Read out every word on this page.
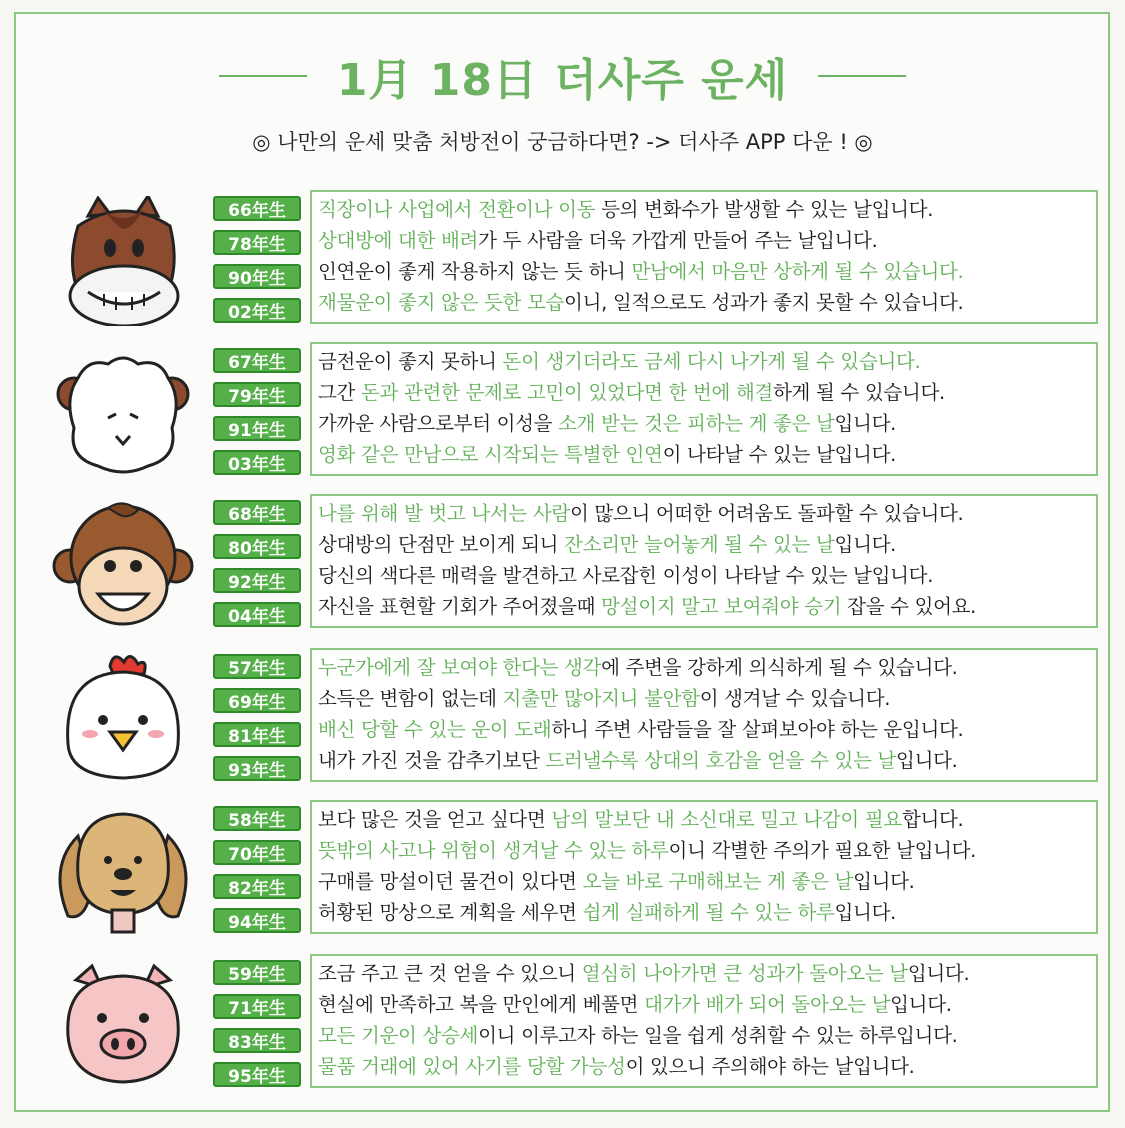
1月 18日 더사주 운세
◎ 나만의 운세 맞춤 처방전이 궁금하다면? -> 더사주 APP 다운 ! ◎
66年生
78年生
90年生
02年生
직장이나 사업에서 전환이나 이동 등의 변화수가 발생할 수 있는 날입니다.
상대방에 대한 배려가 두 사람을 더욱 가깝게 만들어 주는 날입니다.
인연운이 좋게 작용하지 않는 듯 하니 만남에서 마음만 상하게 될 수 있습니다.
재물운이 좋지 않은 듯한 모습이니, 일적으로도 성과가 좋지 못할 수 있습니다.
67年生
79年生
91年生
03年生
금전운이 좋지 못하니 돈이 생기더라도 금세 다시 나가게 될 수 있습니다.
그간 돈과 관련한 문제로 고민이 있었다면 한 번에 해결하게 될 수 있습니다.
가까운 사람으로부터 이성을 소개 받는 것은 피하는 게 좋은 날입니다.
영화 같은 만남으로 시작되는 특별한 인연이 나타날 수 있는 날입니다.
68年生
80年生
92年生
04年生
나를 위해 발 벗고 나서는 사람이 많으니 어떠한 어려움도 돌파할 수 있습니다.
상대방의 단점만 보이게 되니 잔소리만 늘어놓게 될 수 있는 날입니다.
당신의 색다른 매력을 발견하고 사로잡힌 이성이 나타날 수 있는 날입니다.
자신을 표현할 기회가 주어졌을때 망설이지 말고 보여줘야 승기 잡을 수 있어요.
57年生
69年生
81年生
93年生
누군가에게 잘 보여야 한다는 생각에 주변을 강하게 의식하게 될 수 있습니다.
소득은 변함이 없는데 지출만 많아지니 불안함이 생겨날 수 있습니다.
배신 당할 수 있는 운이 도래하니 주변 사람들을 잘 살펴보아야 하는 운입니다.
내가 가진 것을 감추기보단 드러낼수록 상대의 호감을 얻을 수 있는 날입니다.
58年生
70年生
82年生
94年生
보다 많은 것을 얻고 싶다면 남의 말보단 내 소신대로 밀고 나감이 필요합니다.
뜻밖의 사고나 위험이 생겨날 수 있는 하루이니 각별한 주의가 필요한 날입니다.
구매를 망설이던 물건이 있다면 오늘 바로 구매해보는 게 좋은 날입니다.
허황된 망상으로 계획을 세우면 쉽게 실패하게 될 수 있는 하루입니다.
59年生
71年生
83年生
95年生
조금 주고 큰 것 얻을 수 있으니 열심히 나아가면 큰 성과가 돌아오는 날입니다.
현실에 만족하고 복을 만인에게 베풀면 대가가 배가 되어 돌아오는 날입니다.
모든 기운이 상승세이니 이루고자 하는 일을 쉽게 성취할 수 있는 하루입니다.
물품 거래에 있어 사기를 당할 가능성이 있으니 주의해야 하는 날입니다.
